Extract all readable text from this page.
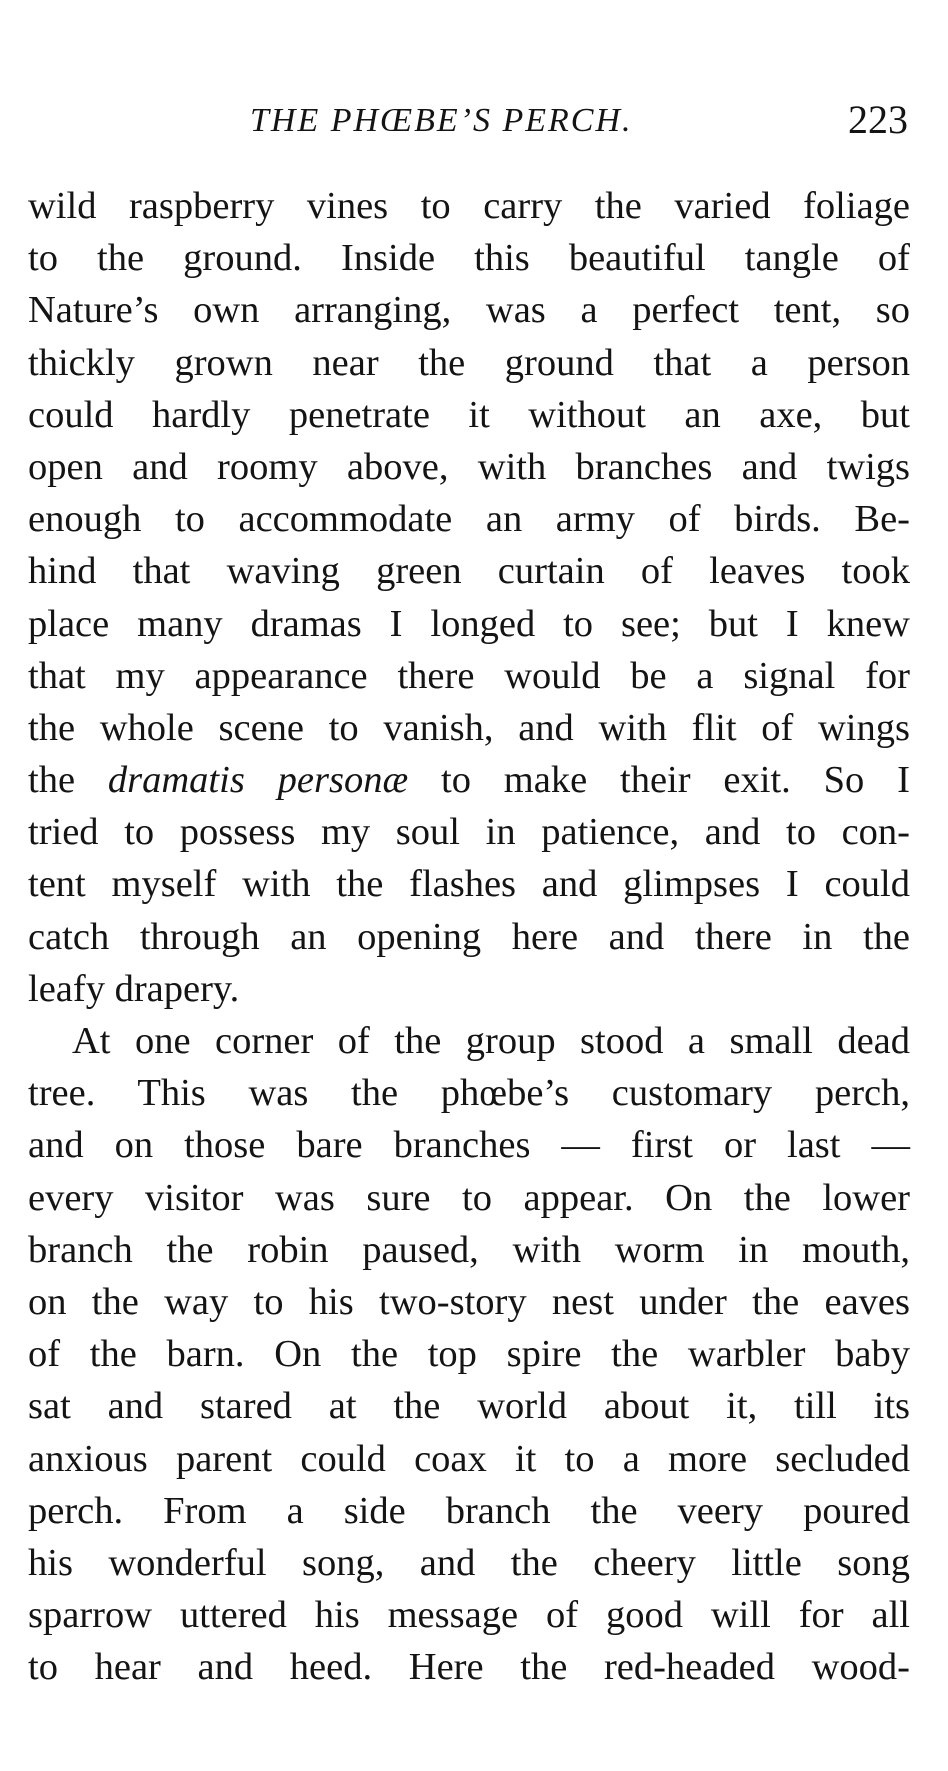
THE PHŒBE’S PERCH.	223
wild raspberry vines to carry the varied foliage
to the ground. Inside this beautiful tangle of
Nature’s own arranging, was a perfect tent, so
thickly grown near the ground that a person
could hardly penetrate it without an axe, but
open and roomy above, with branches and twigs
enough to accommodate an army of birds. Be-
hind that waving green curtain of leaves took
place many dramas I longed to see; but I knew
that my appearance there would be a signal for
the whole scene to vanish, and with flit of wings
the dramatis personæ to make their exit. So I
tried to possess my soul in patience, and to con-
tent myself with the flashes and glimpses I could
catch through an opening here and there in the
leafy drapery.
At one corner of the group stood a small dead
tree. This was the phœbe’s customary perch,
and on those bare branches — first or last —
every visitor was sure to appear. On the lower
branch the robin paused, with worm in mouth,
on the way to his two-story nest under the eaves
of the barn. On the top spire the warbler baby
sat and stared at the world about it, till its
anxious parent could coax it to a more secluded
perch. From a side branch the veery poured
his wonderful song, and the cheery little song
sparrow uttered his message of good will for all
to hear and heed. Here the red-headed wood-
